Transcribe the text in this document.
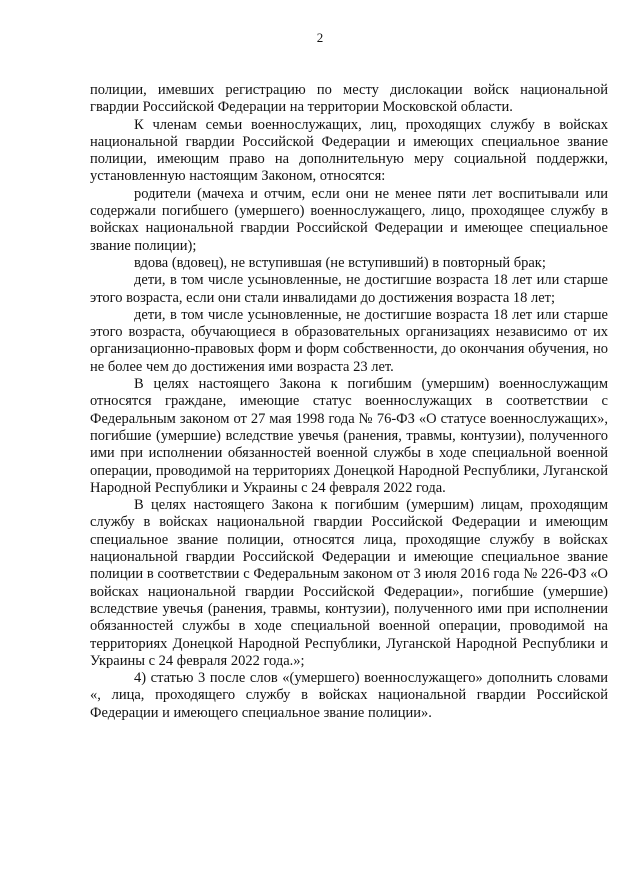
2

полиции, имевших регистрацию по месту дислокации войск национальной гвардии Российской Федерации на территории Московской области.

К членам семьи военнослужащих, лиц, проходящих службу в войсках национальной гвардии Российской Федерации и имеющих специальное звание полиции, имеющим право на дополнительную меру социальной поддержки, установленную настоящим Законом, относятся:

родители (мачеха и отчим, если они не менее пяти лет воспитывали или содержали погибшего (умершего) военнослужащего, лицо, проходящее службу в войсках национальной гвардии Российской Федерации и имеющее специальное звание полиции);

вдова (вдовец), не вступившая (не вступивший) в повторный брак;

дети, в том числе усыновленные, не достигшие возраста 18 лет или старше этого возраста, если они стали инвалидами до достижения возраста 18 лет;

дети, в том числе усыновленные, не достигшие возраста 18 лет или старше этого возраста, обучающиеся в образовательных организациях независимо от их организационно-правовых форм и форм собственности, до окончания обучения, но не более чем до достижения ими возраста 23 лет.

В целях настоящего Закона к погибшим (умершим) военнослужащим относятся граждане, имеющие статус военнослужащих в соответствии с Федеральным законом от 27 мая 1998 года № 76-ФЗ «О статусе военнослужащих», погибшие (умершие) вследствие увечья (ранения, травмы, контузии), полученного ими при исполнении обязанностей военной службы в ходе специальной военной операции, проводимой на территориях Донецкой Народной Республики, Луганской Народной Республики и Украины с 24 февраля 2022 года.

В целях настоящего Закона к погибшим (умершим) лицам, проходящим службу в войсках национальной гвардии Российской Федерации и имеющим специальное звание полиции, относятся лица, проходящие службу в войсках национальной гвардии Российской Федерации и имеющие специальное звание полиции в соответствии с Федеральным законом от 3 июля 2016 года № 226-ФЗ «О войсках национальной гвардии Российской Федерации», погибшие (умершие) вследствие увечья (ранения, травмы, контузии), полученного ими при исполнении обязанностей службы в ходе специальной военной операции, проводимой на территориях Донецкой Народной Республики, Луганской Народной Республики и Украины с 24 февраля 2022 года.»;

4) статью 3 после слов «(умершего) военнослужащего» дополнить словами «, лица, проходящего службу в войсках национальной гвардии Российской Федерации и имеющего специальное звание полиции».
